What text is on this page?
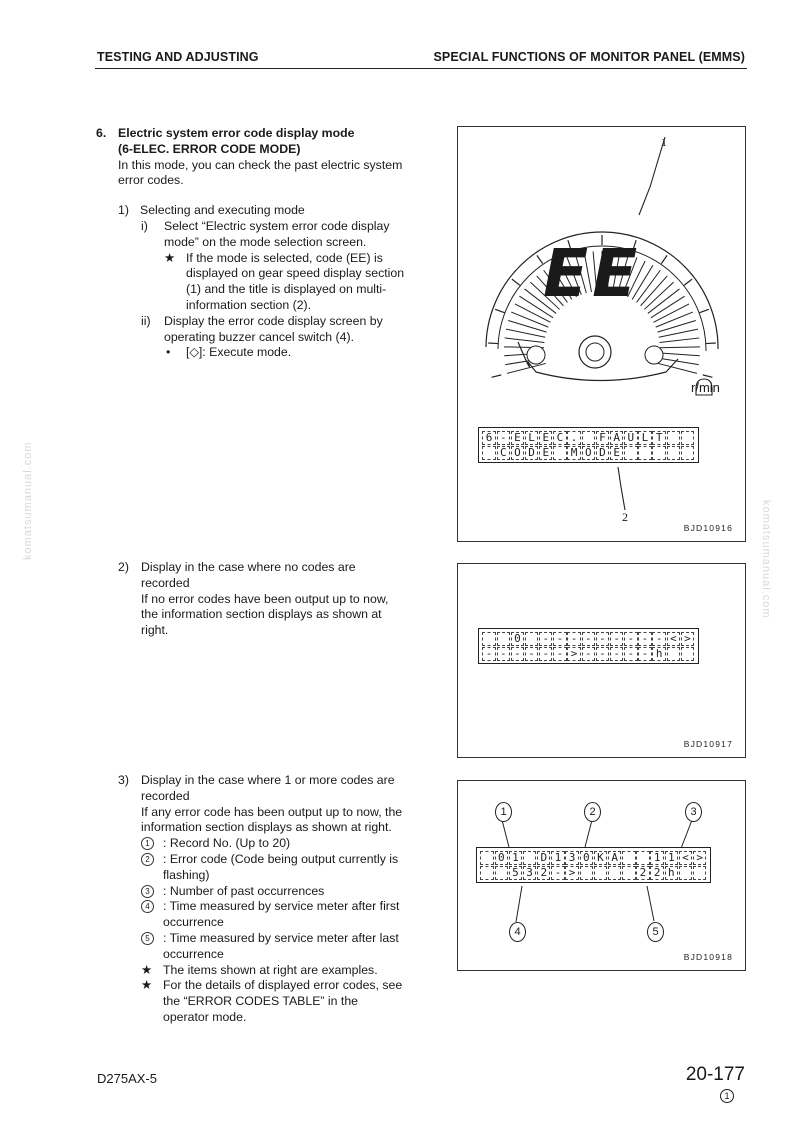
TESTING AND ADJUSTING	SPECIAL FUNCTIONS OF MONITOR PANEL (EMMS)

6. Electric system error code display mode

(6-ELEC. ERROR CODE MODE)

In this mode, you can check the past electric system error codes.

1) Selecting and executing mode

i) Select “Electric system error code display mode” on the mode selection screen.
★ If the mode is selected, code (EE) is displayed on gear speed display section (1) and the title is displayed on multi-information section (2).
ii) Display the error code display screen by operating buzzer cancel switch (4).
• [◇]: Execute mode.
2) Display in the case where no codes are recorded

If no error codes have been output up to now, the information section displays as shown at right.

3) Display in the case where 1 or more codes are recorded

If any error code has been output up to now, the information section displays as shown at right.

1	: Record No. (Up to 20)
2	: Error code (Code being output currently is flashing)
3	: Number of past occurrences
4	: Time measured by service meter after first occurrence
5	: Time measured by service meter after last occurrence
★ The items shown at right are examples.
★ For the details of displayed error codes, see the “ERROR CODES TABLE” in the operator mode.
EE
r/min
1
2
6 - E L E C .	F A U L T
C O D E	M O D E
BJD10916
0	- - - - - - - - - < >
- - - - - - > - - - - - h
BJD10917
1	2	3
4	5
0 1	D 1 3 0 K A	1 1 < >
5 3 2 - >	2 2 h
BJD10918
komatsumanual.com	komatsumanual.com
D275AX-5	20-177
1
